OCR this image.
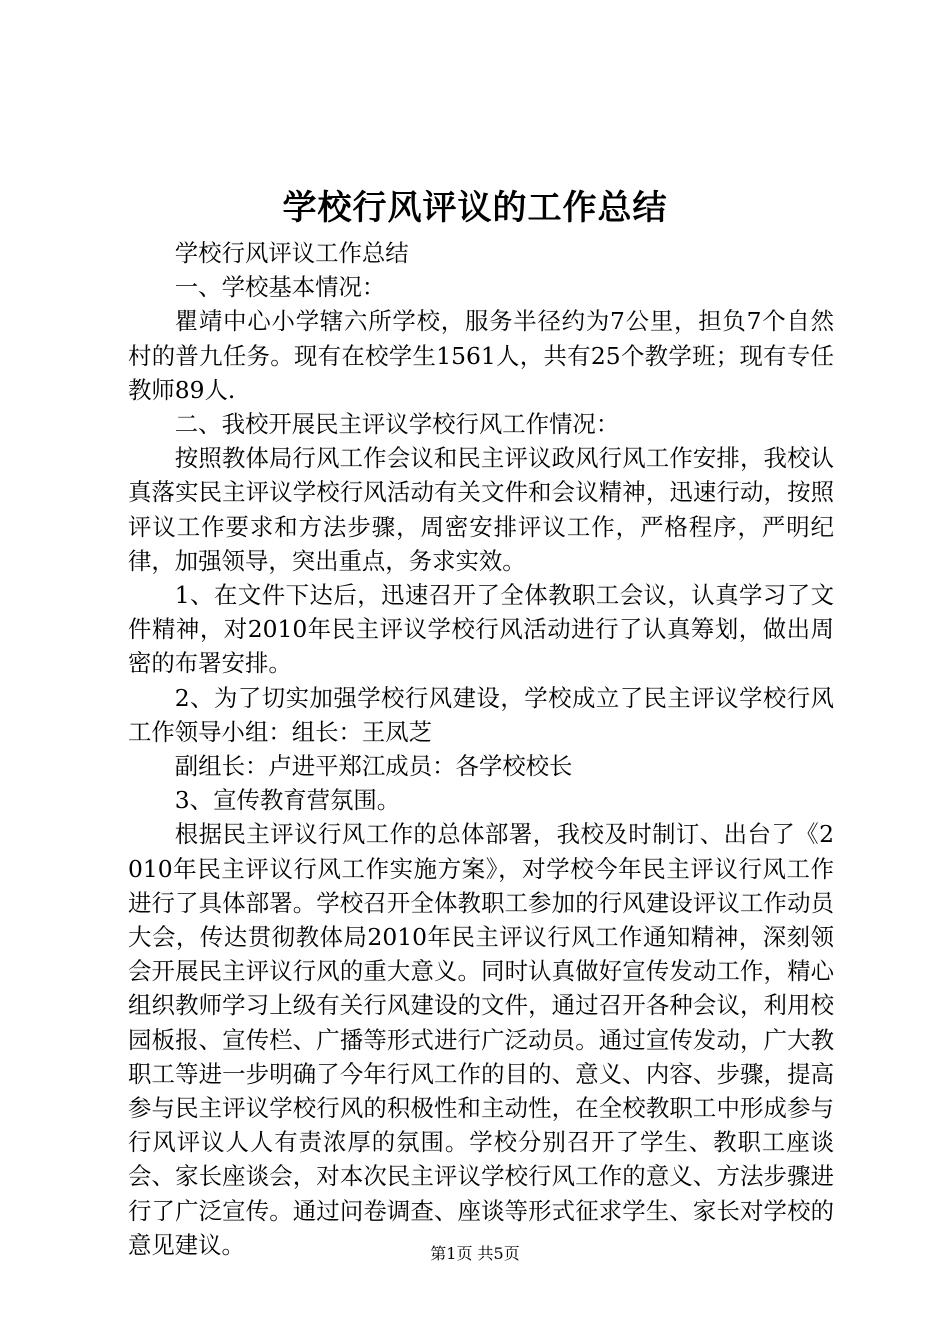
学校行风评议的工作总结

学校行风评议工作总结

一、学校基本情况：

瞿靖中心小学辖六所学校，服务半径约为7公里，担负7个自然村的普九任务。现有在校学生1561人，共有25个教学班；现有专任教师89人.

二、我校开展民主评议学校行风工作情况：

按照教体局行风工作会议和民主评议政风行风工作安排，我校认真落实民主评议学校行风活动有关文件和会议精神，迅速行动，按照评议工作要求和方法步骤，周密安排评议工作，严格程序，严明纪律，加强领导，突出重点，务求实效。

1、在文件下达后，迅速召开了全体教职工会议，认真学习了文件精神，对2010年民主评议学校行风活动进行了认真筹划，做出周密的布署安排。

2、为了切实加强学校行风建设，学校成立了民主评议学校行风工作领导小组：组长：王凤芝

副组长：卢进平郑江成员：各学校校长

3、宣传教育营氛围。

根据民主评议行风工作的总体部署，我校及时制订、出台了《2010年民主评议行风工作实施方案》，对学校今年民主评议行风工作进行了具体部署。学校召开全体教职工参加的行风建设评议工作动员大会，传达贯彻教体局2010年民主评议行风工作通知精神，深刻领会开展民主评议行风的重大意义。同时认真做好宣传发动工作，精心组织教师学习上级有关行风建设的文件，通过召开各种会议，利用校园板报、宣传栏、广播等形式进行广泛动员。通过宣传发动，广大教职工等进一步明确了今年行风工作的目的、意义、内容、步骤，提高参与民主评议学校行风的积极性和主动性，在全校教职工中形成参与行风评议人人有责浓厚的氛围。学校分别召开了学生、教职工座谈会、家长座谈会，对本次民主评议学校行风工作的意义、方法步骤进行了广泛宣传。通过问卷调查、座谈等形式征求学生、家长对学校的意见建议。	第1页 共5页
